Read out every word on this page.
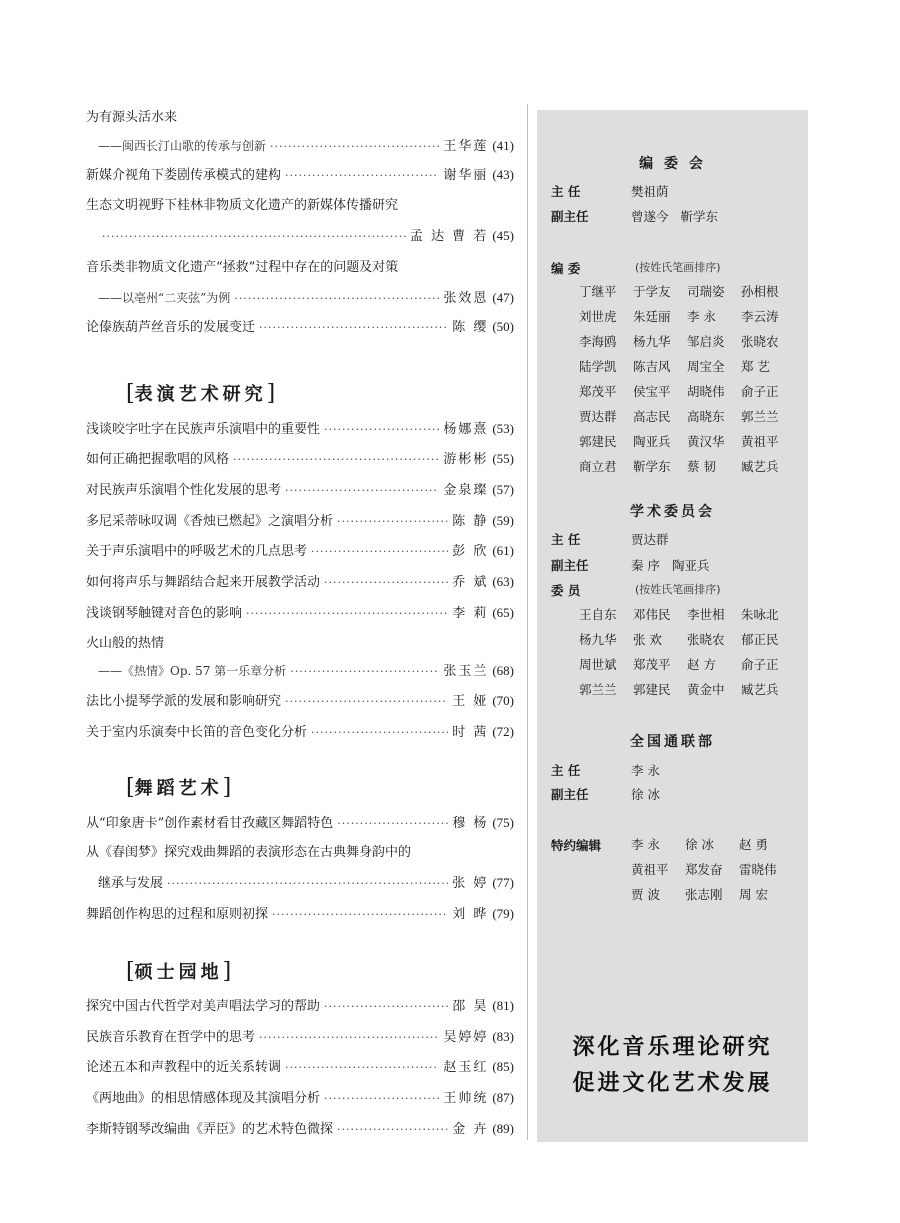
为有源头活水来
——闽西长汀山歌的传承与创新 ·····	王华莲 (41)
新媒介视角下娄剧传承模式的建构 ·····	谢华丽 (43)
生态文明视野下桂林非物质文化遗产的新媒体传播研究
·····
孟 达 曹 若 (45)
音乐类非物质文化遗产“拯救”过程中存在的问题及对策
——以亳州“二夹弦”为例 ·····	张效恩 (47)
论傣族葫芦丝音乐的发展变迁 ·····	陈 缨 (50)
[表演艺术研究]
浅谈咬字吐字在民族声乐演唱中的重要性 ·····	杨娜熹 (53)
如何正确把握歌唱的风格 ·····	游彬彬 (55)
对民族声乐演唱个性化发展的思考 ·····	金泉璨 (57)
多尼采蒂咏叹调《香烛已燃起》之演唱分析 ·····	陈 静 (59)
关于声乐演唱中的呼吸艺术的几点思考 ·····	彭 欣 (61)
如何将声乐与舞蹈结合起来开展教学活动 ·····	乔 斌 (63)
浅谈钢琴触键对音色的影响 ·····	李 莉 (65)
火山般的热情
——《热情》Op. 57 第一乐章分析 ·····	张玉兰 (68)
法比小提琴学派的发展和影响研究 ·····	王 娅 (70)
关于室内乐演奏中长笛的音色变化分析 ·····	时 茜 (72)
[舞蹈艺术]
从“印象唐卡”创作素材看甘孜藏区舞蹈特色 ·····	穆 杨 (75)
从《春闺梦》探究戏曲舞蹈的表演形态在古典舞身韵中的
继承与发展 ·····	张 婷 (77)
舞蹈创作构思的过程和原则初探 ·····	刘 晔 (79)
[硕士园地]
探究中国古代哲学对美声唱法学习的帮助 ·····	邵 昊 (81)
民族音乐教育在哲学中的思考 ·····	吴婷婷 (83)
论述五本和声教程中的近关系转调 ·····	赵玉红 (85)
《两地曲》的相思情感体现及其演唱分析 ·····	王帅统 (87)
李斯特钢琴改编曲《弄臣》的艺术特色微探 ·····	金 卉 (89)
编 委 会
主 任	樊祖荫
副主任	曾遂今 靳学东
编 委	(按姓氏笔画排序)
丁继平	于学友	司瑞姿	孙相根
刘世虎	朱廷丽	李 永	李云涛
李海鸥	杨九华	邹启炎	张晓农
陆学凯	陈吉风	周宝全	郑 艺
郑茂平	侯宝平	胡晓伟	俞子正
贾达群	高志民	高晓东	郭兰兰
郭建民	陶亚兵	黄汉华	黄祖平
商立君	靳学东	蔡 韧	臧艺兵
学术委员会
主 任	贾达群
副主任	秦 序 陶亚兵
委 员	(按姓氏笔画排序)
王自东	邓伟民	李世相	朱咏北
杨九华	张 欢	张晓农	郁正民
周世斌	郑茂平	赵 方	俞子正
郭兰兰	郭建民	黄金中	臧艺兵
全国通联部
主 任	李 永
副主任	徐 冰
特约编辑	李 永	徐 冰	赵 勇
黄祖平	郑发奋	雷晓伟
贾 波	张志刚	周 宏
深化音乐理论研究
促进文化艺术发展
